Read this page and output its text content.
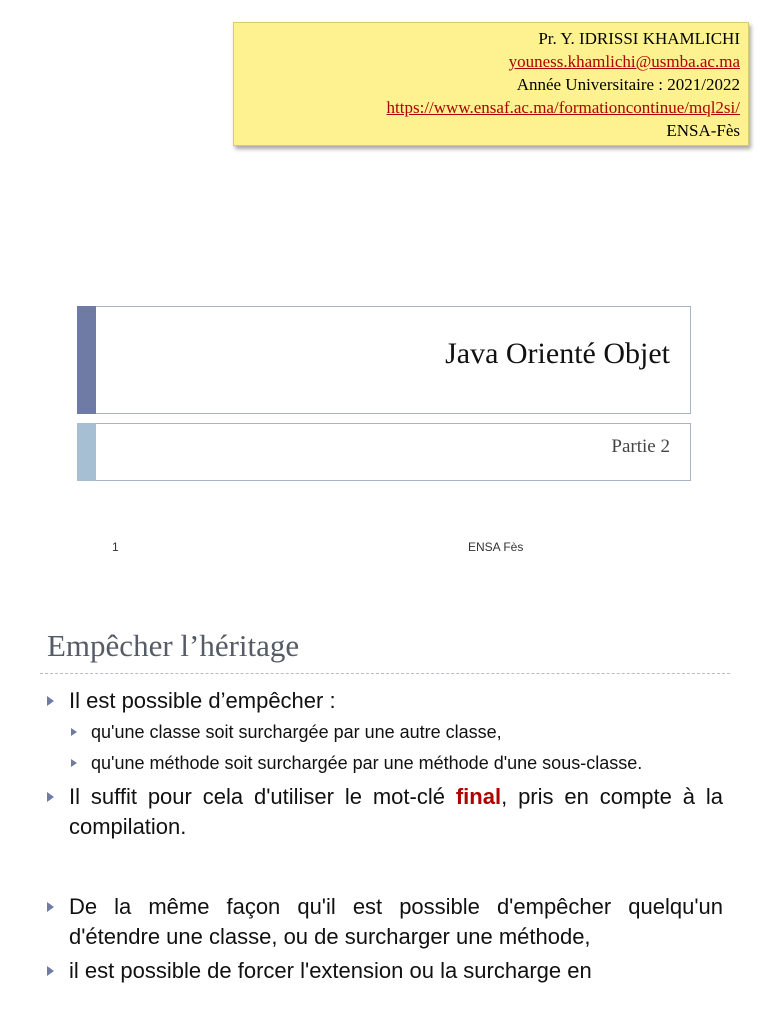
Pr. Y. IDRISSI KHAMLICHI
youness.khamlichi@usmba.ac.ma
Année Universitaire : 2021/2022
https://www.ensaf.ac.ma/formationcontinue/mql2si/
ENSA-Fès
Java Orienté Objet
Partie 2
1	ENSA Fès
Empêcher l’héritage
Il est possible d’empêcher :
qu'une classe soit surchargée par une autre classe,
qu'une méthode soit surchargée par une méthode d'une sous-classe.
Il suffit pour cela d'utiliser le mot-clé final, pris en compte à la compilation.
De la même façon qu'il est possible d'empêcher quelqu'un d'étendre une classe, ou de surcharger une méthode,
il est possible de forcer l'extension ou la surcharge en
